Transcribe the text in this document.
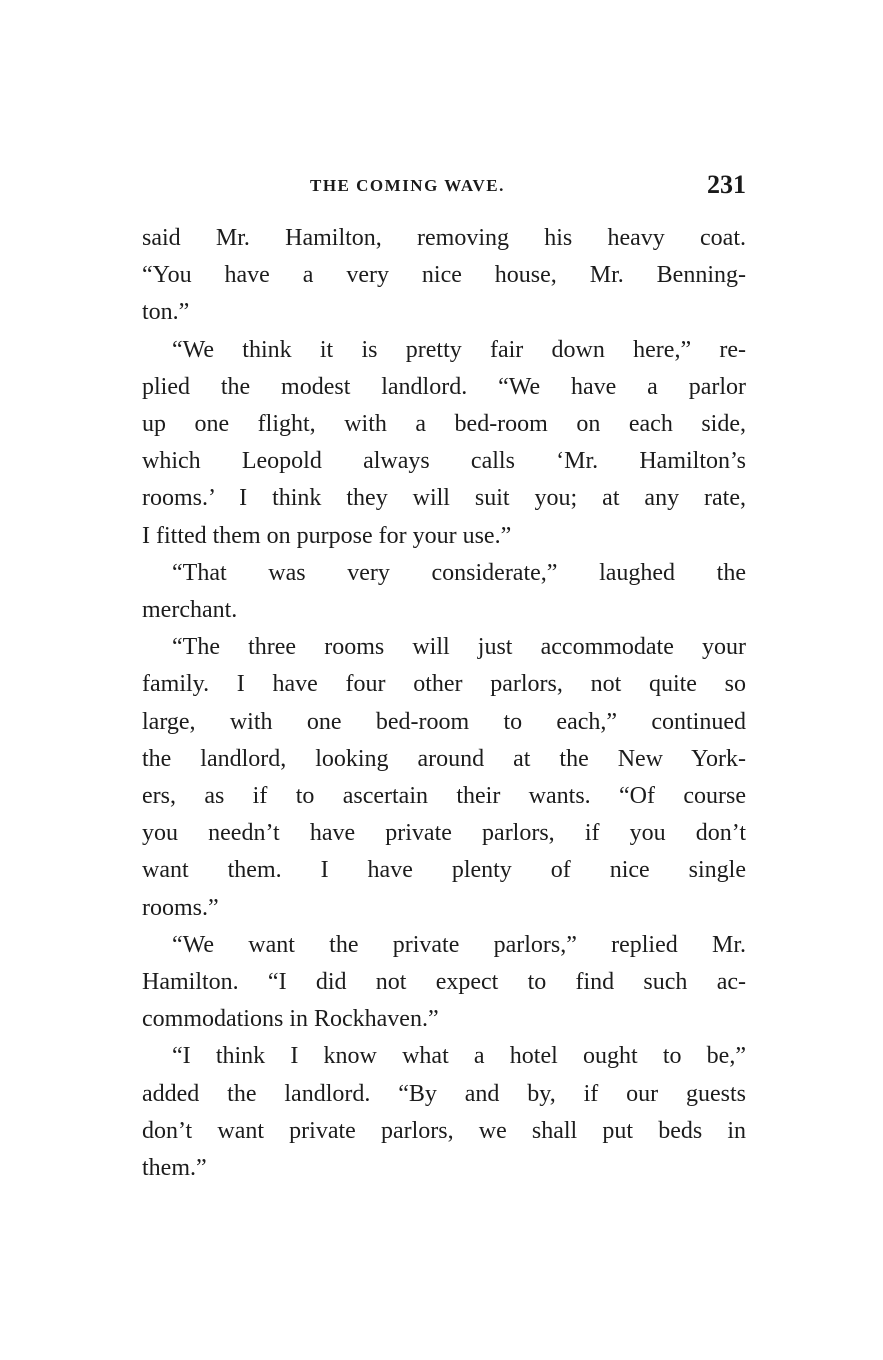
THE COMING WAVE.	231

said Mr. Hamilton, removing his heavy coat.
“You have a very nice house, Mr. Benning-
ton.”

“We think it is pretty fair down here,” re-
plied the modest landlord. “We have a parlor
up one flight, with a bed-room on each side,
which Leopold always calls ‘Mr. Hamilton’s
rooms.’ I think they will suit you; at any rate,
I fitted them on purpose for your use.”

“That was very considerate,” laughed the
merchant.

“The three rooms will just accommodate your
family. I have four other parlors, not quite so
large, with one bed-room to each,” continued
the landlord, looking around at the New York-
ers, as if to ascertain their wants. “Of course
you needn’t have private parlors, if you don’t
want them. I have plenty of nice single
rooms.”

“We want the private parlors,” replied Mr.
Hamilton. “I did not expect to find such ac-
commodations in Rockhaven.”

“I think I know what a hotel ought to be,”
added the landlord. “By and by, if our guests
don’t want private parlors, we shall put beds in
them.”
